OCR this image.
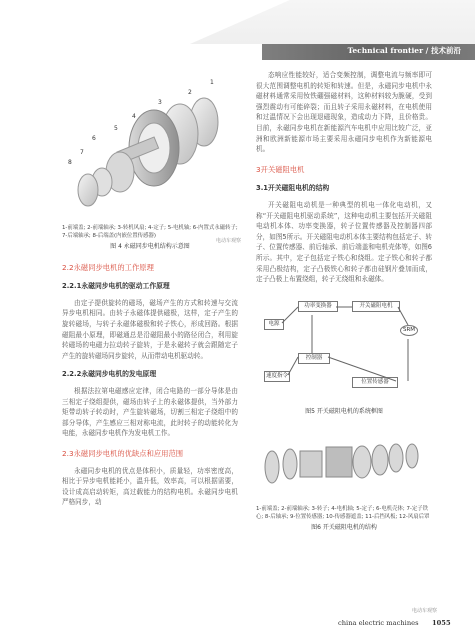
Technical frontier / 技术前沿
1
2
3
4
5
6
7
8
1-前端盖; 2-前端轴承; 3-转机风扇; 4-定子; 5-电机轴; 6-内置式永磁转子; 7-后端轴承; 8-后端盖(内嵌位置传感器)
图 4 永磁同步电机结构示意图
2.2永磁同步电机的工作原理
2.2.1永磁同步电机的驱动工作原理

由定子提供旋转的磁场，磁场产生的方式和转速与交流异步电机相同。由转子永磁体提供磁极，这样，定子产生的旋转磁场，与转子永磁体磁极和转子铁心，形成回路。根据磁阻最小原理，即磁通总是沿磁阻最小的路径闭合，利用旋转磁场的电磁力拉动转子旋转，于是永磁转子就会跟随定子产生的旋转磁场同步旋转，从而带动电机驱动转。

2.2.2永磁同步电机的发电原理

根据法拉第电磁感应定律，闭合电路的一部分导体是由三相定子绕组提供，磁场由转子上的永磁体提供，当外部力矩带动转子转动时，产生旋转磁场，切割三相定子绕组中的部分导体，产生感应三相对称电流，此时转子的动能转化为电能，永磁同步电机作为发电机工作。

2.3永磁同步电机的优缺点和应用范围

永磁同步电机的优点是体积小，质量轻，功率密度高，相比于异步电机能耗小，温升低，效率高，可以根据需要，设计成高启动转矩，高过载能力的结构电机。永磁同步电机严格同步，动

态响应性能较好，适合变频控制，调整电流与频率即可很大范围调整电机的转矩和转速。但是，永磁同步电机中永磁材料通常采用钕铁硼强磁材料，这种材料较为脆硬，受到强烈震动有可能碎裂；而且转子采用永磁材料，在电机使用和过温情况下会出现退磁现象，造成动力下降，且价格贵。目前，永磁同步电机在新能源汽车电机中应用比较广泛，亚洲和欧洲新能源市场主要采用永磁同步电机作为新能源电机。

3开关磁阻电机
3.1开关磁阻电机的结构

开关磁阻电动机是一种典型的机电一体化电动机，又称“开关磁阻电机驱动系统”，这种电动机主要包括开关磁阻电动机本体、功率变换器，转子位置传感器及控制器四部分，如图5所示。开关磁阻电动机本体主要结构包括定子、转子、位置传感器、前后轴承、前后端盖和电机壳体等，如图6所示。其中，定子包括定子铁心和绕组。定子铁心和转子都采用凸极结构，定子凸极铁心和转子都由硅钢片叠加而成，定子凸极上布置绕组，转子无绕组和永磁体。

电源
功率变换器	开关磁阻电机
控制器
速度指令
位置传感器
SRM
图5 开关磁阻电机的系统框图
1-前端盖; 2-前端轴承; 3-转子; 4-电机轴; 5-定子; 6-电机壳体; 7-定子铁心; 8-后轴承; 9-位置传感器; 10-传感器遮盖; 11-后挡风板; 12-风扇后罩
图6 开关磁阻电机的结构
电动车观察
电动车观察
china electric machines 1055
